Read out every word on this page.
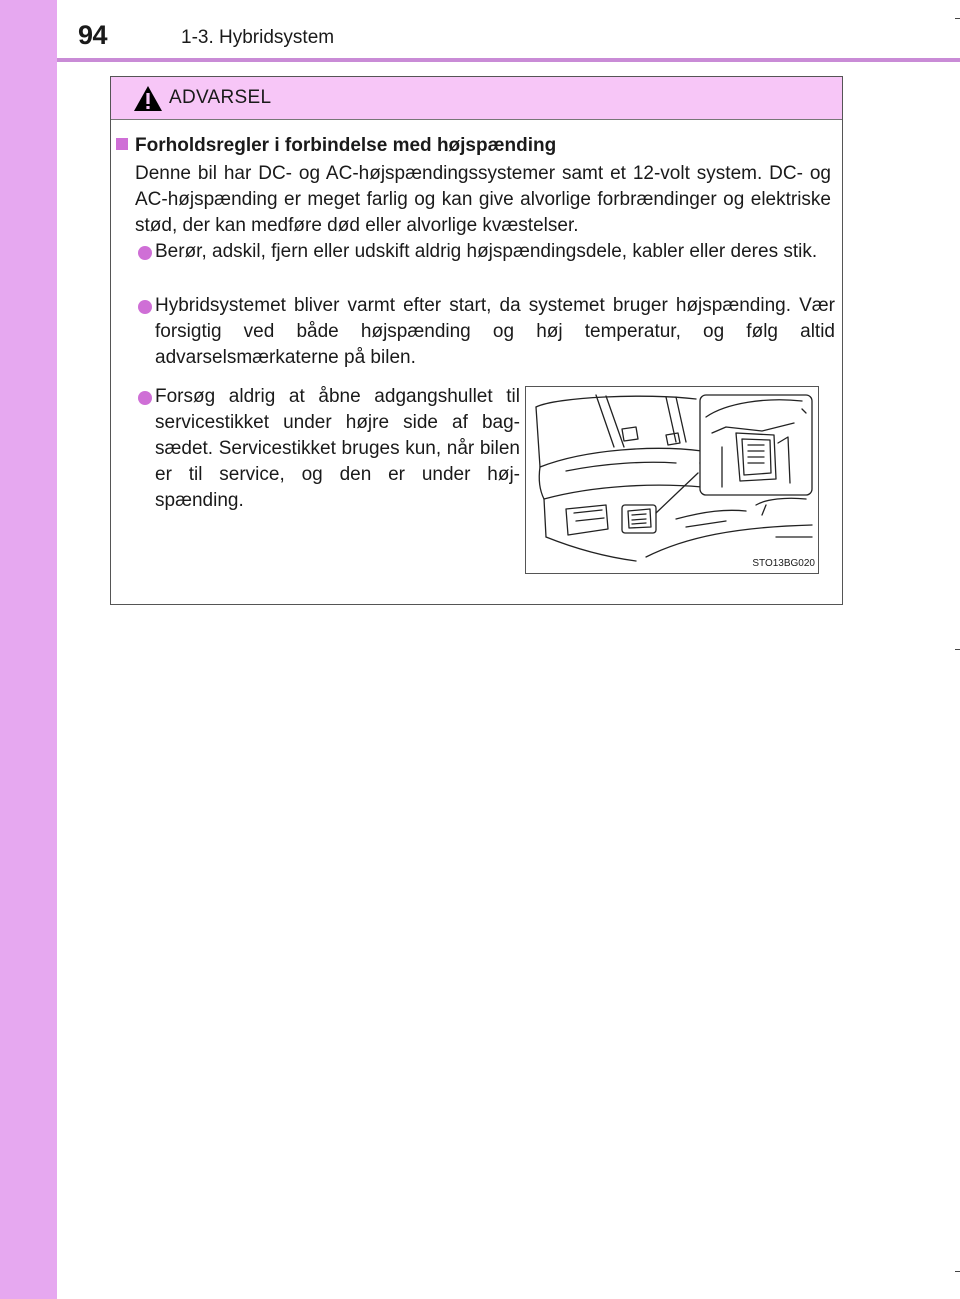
94	1-3. Hybridsystem
ADVARSEL
Forholdsregler i forbindelse med højspænding
Denne bil har DC- og AC-højspændingssystemer samt et 12-volt system. DC- og AC-højspænding er meget farlig og kan give alvorlige forbrændinger og elektriske stød, der kan medføre død eller alvorlige kvæstelser.
Berør, adskil, fjern eller udskift aldrig højspændingsdele, kabler eller deres stik.
Hybridsystemet bliver varmt efter start, da systemet bruger højspænding. Vær forsigtig ved både højspænding og høj temperatur, og følg altid advarselsmærkaterne på bilen.
Forsøg aldrig at åbne adgangshullet til servicestikket under højre side af bag-sædet. Servicestikket bruges kun, når bilen er til service, og den er under høj-spænding.
STO13BG020
